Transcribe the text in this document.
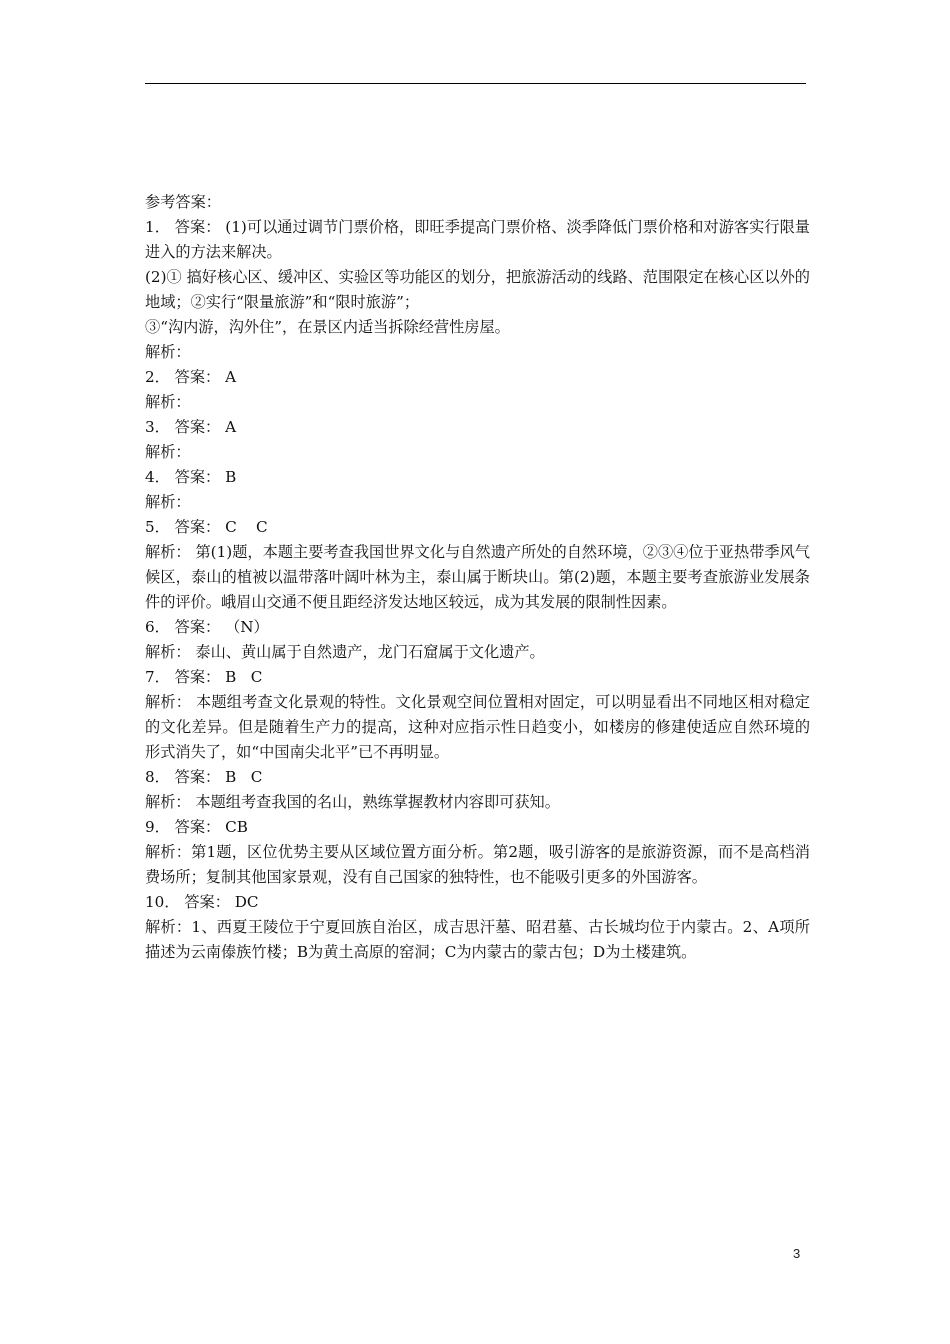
参考答案：

1． 答案： (1)可以通过调节门票价格，即旺季提高门票价格、淡季降低门票价格和对游客实行限量进入的方法来解决。

(2)① 搞好核心区、缓冲区、实验区等功能区的划分，把旅游活动的线路、范围限定在核心区以外的地域；②实行“限量旅游”和“限时旅游”；

③“沟内游，沟外住”，在景区内适当拆除经营性房屋。

解析：

2． 答案： A

解析：

3． 答案： A

解析：

4． 答案： B

解析：

5． 答案： C    C

解析： 第(1)题，本题主要考查我国世界文化与自然遗产所处的自然环境，②③④位于亚热带季风气候区，泰山的植被以温带落叶阔叶林为主，泰山属于断块山。第(2)题，本题主要考查旅游业发展条件的评价。峨眉山交通不便且距经济发达地区较远，成为其发展的限制性因素。

6． 答案： （N）

解析： 泰山、黄山属于自然遗产，龙门石窟属于文化遗产。

7． 答案： B   C

解析： 本题组考查文化景观的特性。文化景观空间位置相对固定，可以明显看出不同地区相对稳定的文化差异。但是随着生产力的提高，这种对应指示性日趋变小，如楼房的修建使适应自然环境的形式消失了，如“中国南尖北平”已不再明显。

8． 答案： B   C

解析： 本题组考查我国的名山，熟练掌握教材内容即可获知。

9． 答案： CB

解析：第1题，区位优势主要从区域位置方面分析。第2题，吸引游客的是旅游资源，而不是高档消费场所；复制其他国家景观，没有自己国家的独特性，也不能吸引更多的外国游客。

10． 答案： DC

解析：1、西夏王陵位于宁夏回族自治区，成吉思汗墓、昭君墓、古长城均位于内蒙古。2、A项所描述为云南傣族竹楼；B为黄土高原的窑洞；C为内蒙古的蒙古包；D为土楼建筑。

3
